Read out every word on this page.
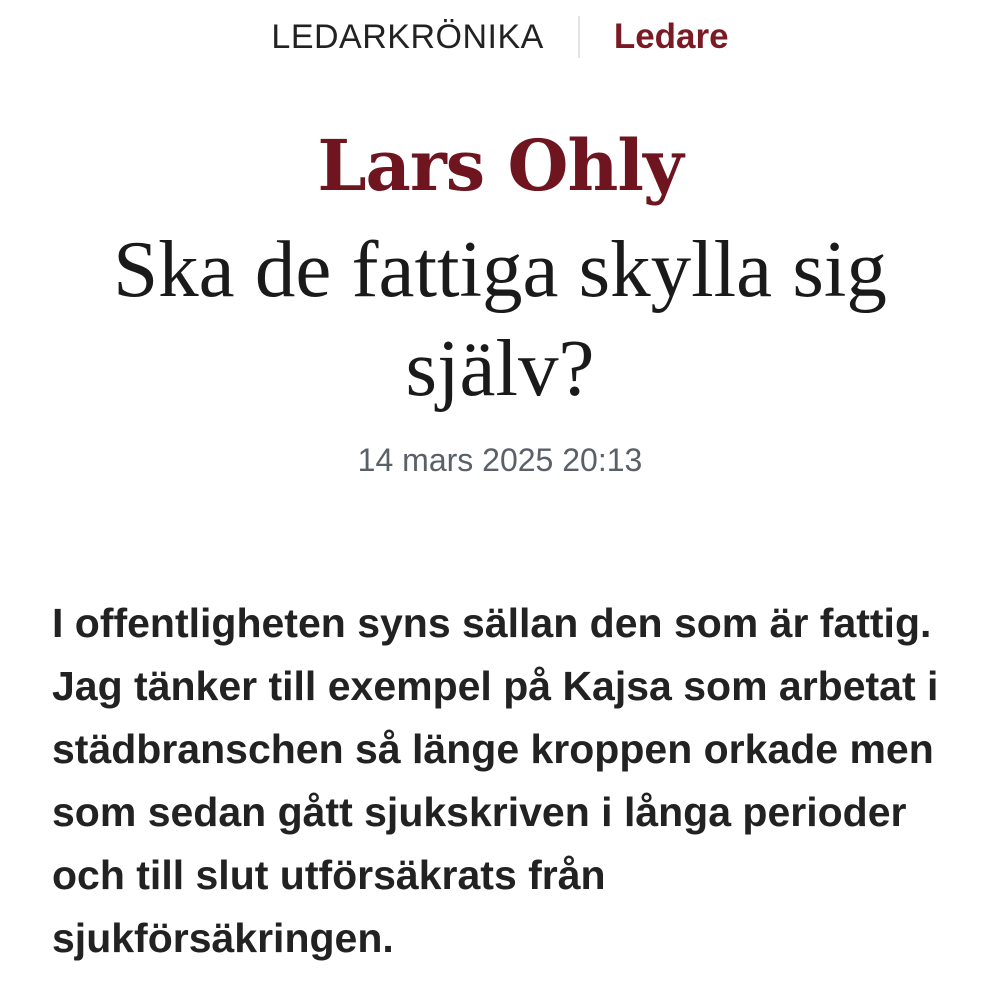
LEDARKRÖNIKA Ledare
Lars Ohly
Ska de fattiga skylla sig själv?
14 mars 2025 20:13

I offentligheten syns sällan den som är fattig. Jag tänker till exempel på Kajsa som arbetat i städbranschen så länge kroppen orkade men som sedan gått sjukskriven i långa perioder och till slut utförsäkrats från sjukförsäkringen.
